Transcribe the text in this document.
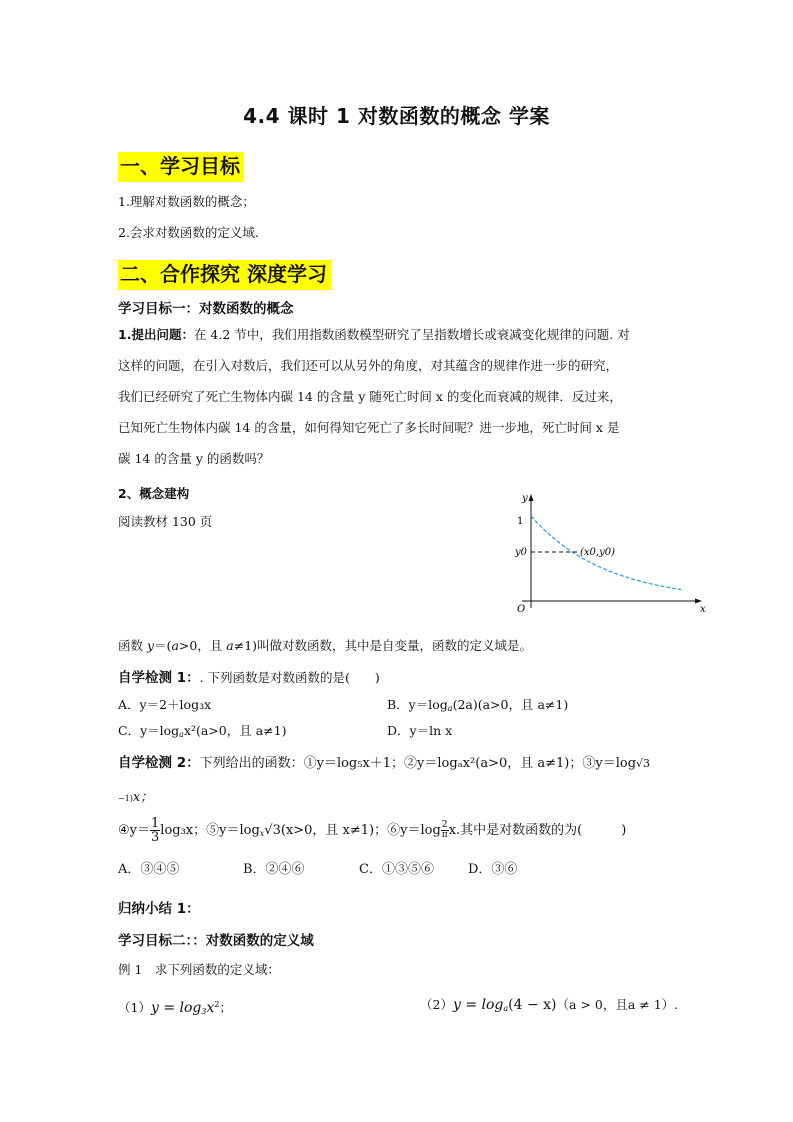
4.4 课时 1 对数函数的概念 学案
一、学习目标
1.理解对数函数的概念；
2.会求对数函数的定义域.
二、合作探究 深度学习
学习目标一：对数函数的概念
1.提出问题：在 4.2 节中，我们用指数函数模型研究了呈指数增长或衰减变化规律的问题. 对
这样的问题，在引入对数后，我们还可以从另外的角度，对其蕴含的规律作进一步的研究，
我们已经研究了死亡生物体内碳 14 的含量 y 随死亡时间 x 的变化而衰减的规律．反过来，
已知死亡生物体内碳 14 的含量，如何得知它死亡了多长时间呢？进一步地，死亡时间 x 是
碳 14 的含量 y 的函数吗？
2、概念建构
阅读教材 130 页
y
x
O
1
y0	(x0,y0)
函数 y＝(a>0，且 a≠1)叫做对数函数，其中是自变量，函数的定义域是。
自学检测 1：. 下列函数是对数函数的是(　　)
A．y＝2＋log₃x	B．$y=\log_a(2a)(a>0$，且 a≠1)
C．$y=\log_ax^2(a>0$，且 a≠1)	D．y＝ln x
自学检测 2：下列给出的函数：①y＝log₅x＋1；②y＝logₐx²(a>0，且 a≠1)；③y＝log√3
−1)x；
④y＝ $\frac{1}{3} \log_3x$；$⑤y=\log_x√3(x>0$，且 x≠1)；⑥y＝log $\frac{2}{\pi} x$.其中是对数函数的为(　　　)
A．③④⑤	B．②④⑥	C．①③⑤⑥	D．③⑥
归纳小结 1：
学习目标二：：对数函数的定义域
例 1　求下列函数的定义域：
$(1)y = \log_3x^2$；	$(2)y = \log_a(4 - x)(a > 0$，且a ≠ 1）.
